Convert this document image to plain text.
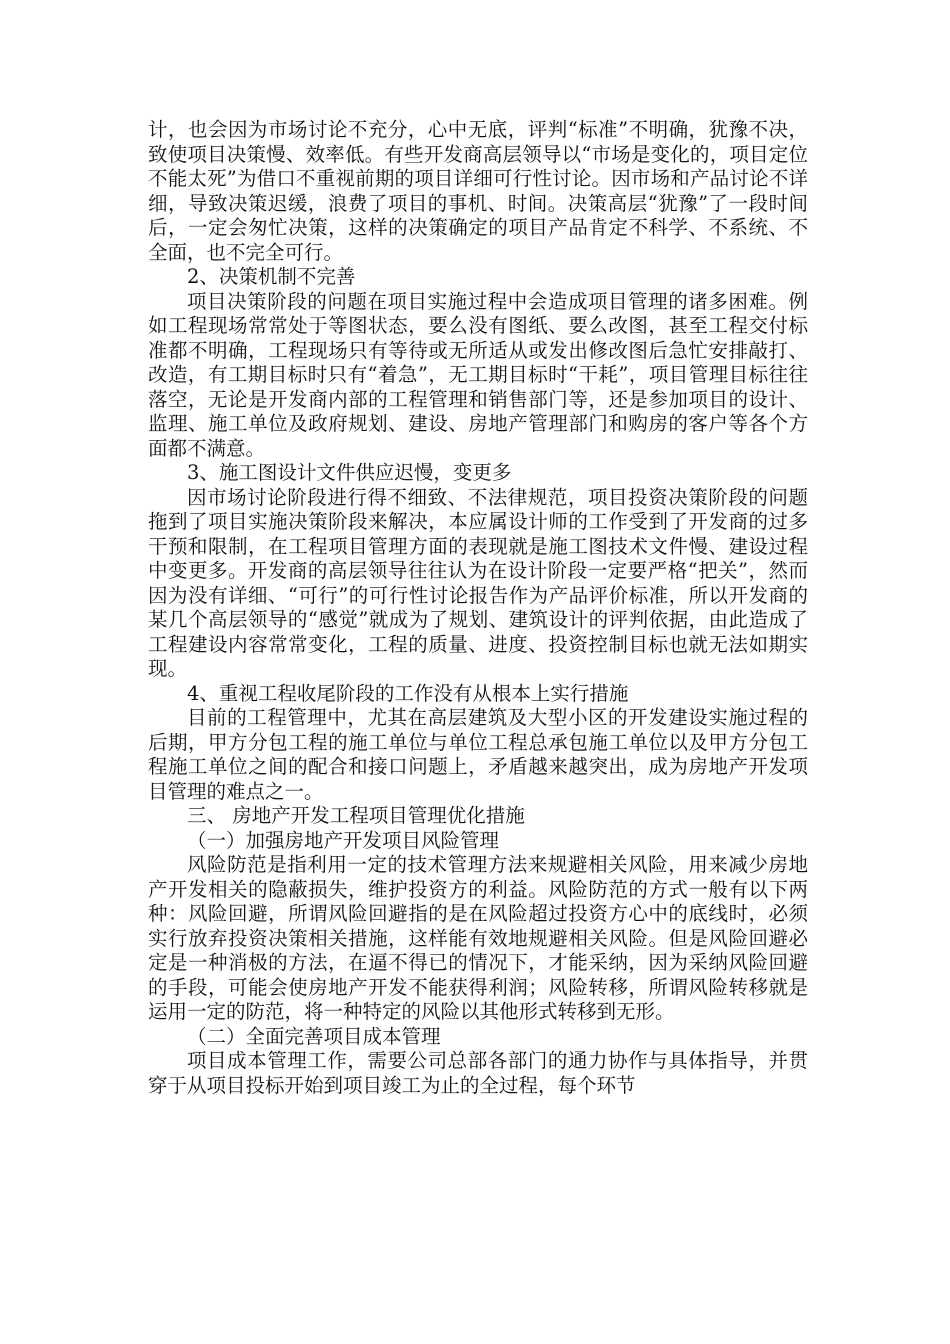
计，也会因为市场讨论不充分，心中无底，评判“标准”不明确，犹豫不决，致使项目决策慢、效率低。有些开发商高层领导以“市场是变化的，项目定位不能太死”为借口不重视前期的项目详细可行性讨论。因市场和产品讨论不详细，导致决策迟缓，浪费了项目的事机、时间。决策高层“犹豫”了一段时间后，一定会匆忙决策，这样的决策确定的项目产品肯定不科学、不系统、不全面，也不完全可行。

2、决策机制不完善

项目决策阶段的问题在项目实施过程中会造成项目管理的诸多困难。例如工程现场常常处于等图状态，要么没有图纸、要么改图，甚至工程交付标准都不明确，工程现场只有等待或无所适从或发出修改图后急忙安排敲打、改造，有工期目标时只有“着急”，无工期目标时“干耗”，项目管理目标往往落空，无论是开发商内部的工程管理和销售部门等，还是参加项目的设计、监理、施工单位及政府规划、建设、房地产管理部门和购房的客户等各个方面都不满意。

3、施工图设计文件供应迟慢，变更多

因市场讨论阶段进行得不细致、不法律规范，项目投资决策阶段的问题拖到了项目实施决策阶段来解决，本应属设计师的工作受到了开发商的过多干预和限制，在工程项目管理方面的表现就是施工图技术文件慢、建设过程中变更多。开发商的高层领导往往认为在设计阶段一定要严格“把关”，然而因为没有详细、“可行”的可行性讨论报告作为产品评价标准，所以开发商的某几个高层领导的“感觉”就成为了规划、建筑设计的评判依据，由此造成了工程建设内容常常变化，工程的质量、进度、投资控制目标也就无法如期实现。

4、重视工程收尾阶段的工作没有从根本上实行措施

目前的工程管理中，尤其在高层建筑及大型小区的开发建设实施过程的后期，甲方分包工程的施工单位与单位工程总承包施工单位以及甲方分包工程施工单位之间的配合和接口问题上，矛盾越来越突出，成为房地产开发项目管理的难点之一。

三、 房地产开发工程项目管理优化措施

（一）加强房地产开发项目风险管理

风险防范是指利用一定的技术管理方法来规避相关风险，用来减少房地产开发相关的隐蔽损失，维护投资方的利益。风险防范的方式一般有以下两种：风险回避，所谓风险回避指的是在风险超过投资方心中的底线时，必须实行放弃投资决策相关措施，这样能有效地规避相关风险。但是风险回避必定是一种消极的方法，在逼不得已的情况下，才能采纳，因为采纳风险回避的手段，可能会使房地产开发不能获得利润；风险转移，所谓风险转移就是运用一定的防范，将一种特定的风险以其他形式转移到无形。

（二）全面完善项目成本管理

项目成本管理工作，需要公司总部各部门的通力协作与具体指导，并贯穿于从项目投标开始到项目竣工为止的全过程，每个环节
